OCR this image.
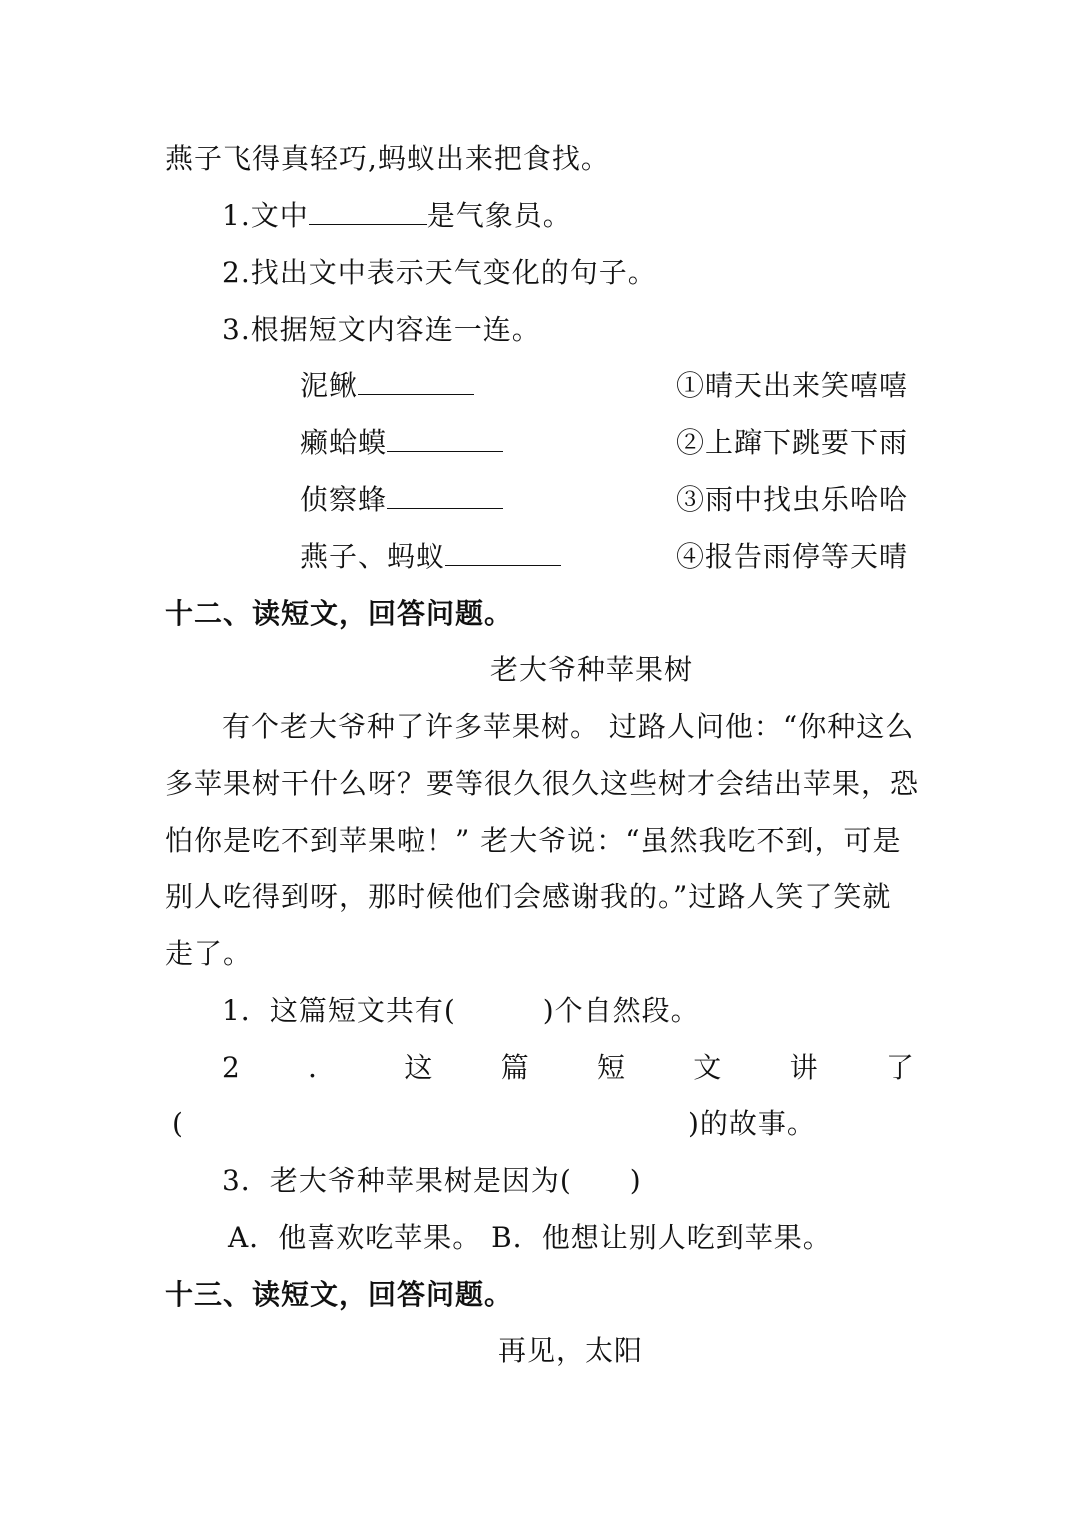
燕子飞得真轻巧,蚂蚁出来把食找。
1.文中	是气象员。
2.找出文中表示天气变化的句子。
3.根据短文内容连一连。
泥鳅	①晴天出来笑嘻嘻
癞蛤蟆	②上蹿下跳要下雨
侦察蜂	③雨中找虫乐哈哈
燕子、蚂蚁	④报告雨停等天晴
十二、读短文，回答问题。
老大爷种苹果树
有个老大爷种了许多苹果树。 过路人问他：“你种这么
多苹果树干什么呀？要等很久很久这些树才会结出苹果，恐
怕你是吃不到苹果啦！” 老大爷说：“虽然我吃不到，可是
别人吃得到呀，那时候他们会感谢我的。”过路人笑了笑就
走了。
1．这篇短文共有(　　　)个自然段。
2 ． 这 篇 短 文 讲 了
(	)的故事。
3．老大爷种苹果树是因为(　　)
A．他喜欢吃苹果。 B．他想让别人吃到苹果。
十三、读短文，回答问题。
再见，太阳
